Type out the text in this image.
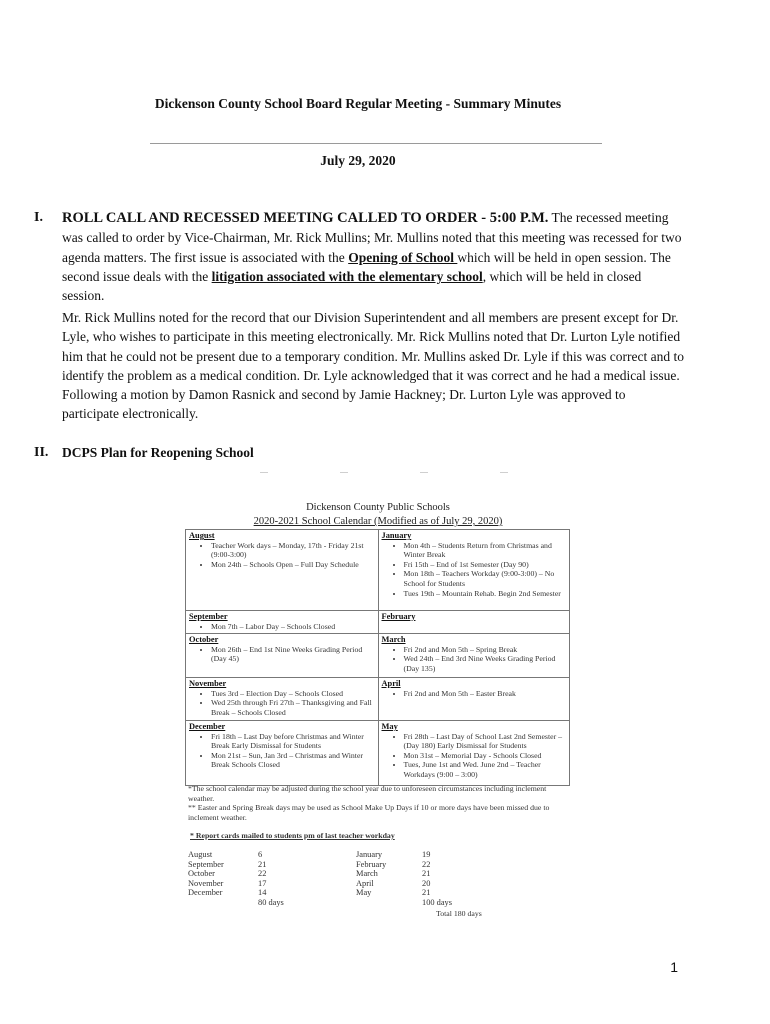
Dickenson County School Board Regular Meeting - Summary Minutes
July 29, 2020
I. ROLL CALL AND RECESSED MEETING CALLED TO ORDER - 5:00 P.M. The recessed meeting was called to order by Vice-Chairman, Mr. Rick Mullins; Mr. Mullins noted that this meeting was recessed for two agenda matters. The first issue is associated with the Opening of School which will be held in open session. The second issue deals with the litigation associated with the elementary school, which will be held in closed session.
Mr. Rick Mullins noted for the record that our Division Superintendent and all members are present except for Dr. Lyle, who wishes to participate in this meeting electronically. Mr. Rick Mullins noted that Dr. Lurton Lyle notified him that he could not be present due to a temporary condition. Mr. Mullins asked Dr. Lyle if this was correct and to identify the problem as a medical condition. Dr. Lyle acknowledged that it was correct and he had a medical issue. Following a motion by Damon Rasnick and second by Jamie Hackney; Dr. Lurton Lyle was approved to participate electronically.
II. DCPS Plan for Reopening School
Dickenson County Public Schools
2020-2021 School Calendar (Modified as of July 29, 2020)
August
• Teacher Work days – Monday, 17th - Friday 21st (9:00-3:00)
• Mon 24th – Schools Open – Full Day Schedule
January
• Mon 4th – Students Return from Christmas and Winter Break
• Fri 15th – End of 1st Semester (Day 90)
• Mon 18th – Teachers Workday (9:00-3:00) – No School for Students
• Tues 19th – Mountain Rehab. Begin 2nd Semester
September
• Mon 7th – Labor Day – Schools Closed
February
October
• Mon 26th – End 1st Nine Weeks Grading Period (Day 45)
March
• Fri 2nd and Mon 5th – Spring Break
• Wed 24th – End 3rd Nine Weeks Grading Period (Day 135)
November
• Tues 3rd – Election Day – Schools Closed
• Wed 25th through Fri 27th – Thanksgiving and Fall Break – Schools Closed
April
• Fri 2nd and Mon 5th – Easter Break
December
• Fri 18th – Last Day before Christmas and Winter Break Early Dismissal for Students
• Mon 21st – Sun, Jan 3rd – Christmas and Winter Break Schools Closed
May
• Fri 28th – Last Day of School Last 2nd Semester – (Day 180) Early Dismissal for Students
• Mon 31st – Memorial Day - Schools Closed
• Tues, June 1st and Wed. June 2nd – Teacher Workdays (9:00 – 3:00)
*The school calendar may be adjusted during the school year due to unforeseen circumstances including inclement weather.
** Easter and Spring Break days may be used as School Make Up Days if 10 or more days have been missed due to inclement weather.
* Report cards mailed to students pm of last teacher workday
August	6	January	19
September	21	February	22
October	22	March	21
November	17	April	20
December	14	May	21
	80 days		100 days
Total 180 days
1
